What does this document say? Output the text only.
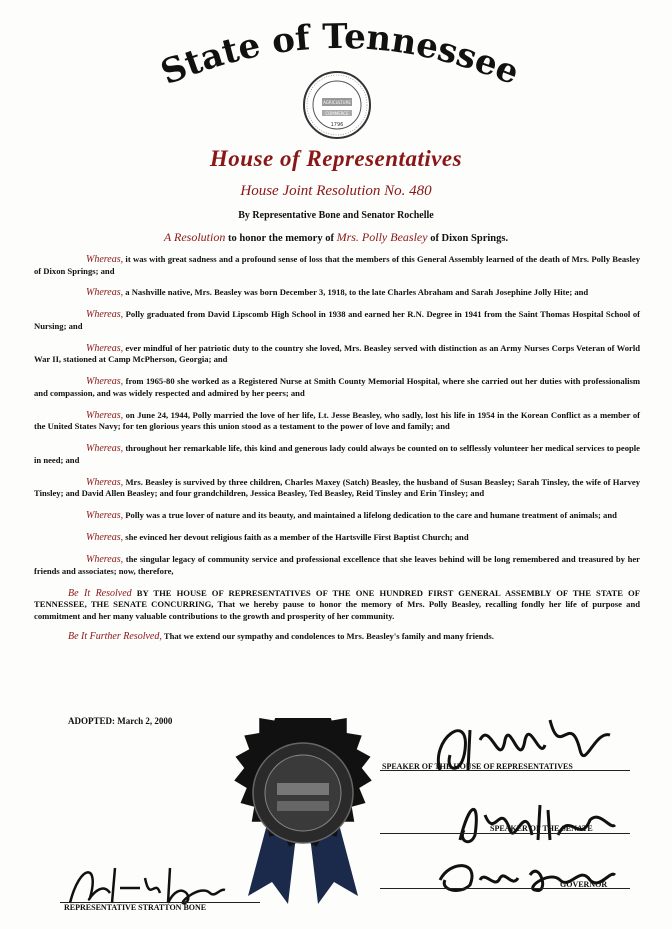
State of Tennessee
AGRICULTURE
COMMERCE
1796
House of Representatives
House Joint Resolution No. 480
By Representative Bone and Senator Rochelle
A Resolution to honor the memory of Mrs. Polly Beasley of Dixon Springs.

Whereas, it was with great sadness and a profound sense of loss that the members of this General Assembly learned of the death of Mrs. Polly Beasley of Dixon Springs; and

Whereas, a Nashville native, Mrs. Beasley was born December 3, 1918, to the late Charles Abraham and Sarah Josephine Jolly Hite; and

Whereas, Polly graduated from David Lipscomb High School in 1938 and earned her R.N. Degree in 1941 from the Saint Thomas Hospital School of Nursing; and

Whereas, ever mindful of her patriotic duty to the country she loved, Mrs. Beasley served with distinction as an Army Nurses Corps Veteran of World War II, stationed at Camp McPherson, Georgia; and

Whereas, from 1965-80 she worked as a Registered Nurse at Smith County Memorial Hospital, where she carried out her duties with professionalism and compassion, and was widely respected and admired by her peers; and

Whereas, on June 24, 1944, Polly married the love of her life, Lt. Jesse Beasley, who sadly, lost his life in 1954 in the Korean Conflict as a member of the United States Navy; for ten glorious years this union stood as a testament to the power of love and family; and

Whereas, throughout her remarkable life, this kind and generous lady could always be counted on to selflessly volunteer her medical services to people in need; and

Whereas, Mrs. Beasley is survived by three children, Charles Maxey (Satch) Beasley, the husband of Susan Beasley; Sarah Tinsley, the wife of Harvey Tinsley; and David Allen Beasley; and four grandchildren, Jessica Beasley, Ted Beasley, Reid Tinsley and Erin Tinsley; and

Whereas, Polly was a true lover of nature and its beauty, and maintained a lifelong dedication to the care and humane treatment of animals; and

Whereas, she evinced her devout religious faith as a member of the Hartsville First Baptist Church; and

Whereas, the singular legacy of community service and professional excellence that she leaves behind will be long remembered and treasured by her friends and associates; now, therefore,

Be It Resolved BY THE HOUSE OF REPRESENTATIVES OF THE ONE HUNDRED FIRST GENERAL ASSEMBLY OF THE STATE OF TENNESSEE, THE SENATE CONCURRING, That we hereby pause to honor the memory of Mrs. Polly Beasley, recalling fondly her life of purpose and commitment and her many valuable contributions to the growth and prosperity of her community.

Be It Further Resolved, That we extend our sympathy and condolences to Mrs. Beasley's family and many friends.

ADOPTED: March 2, 2000
SPEAKER OF THE HOUSE OF REPRESENTATIVES
SPEAKER OF THE SENATE
GOVERNOR
REPRESENTATIVE STRATTON BONE
